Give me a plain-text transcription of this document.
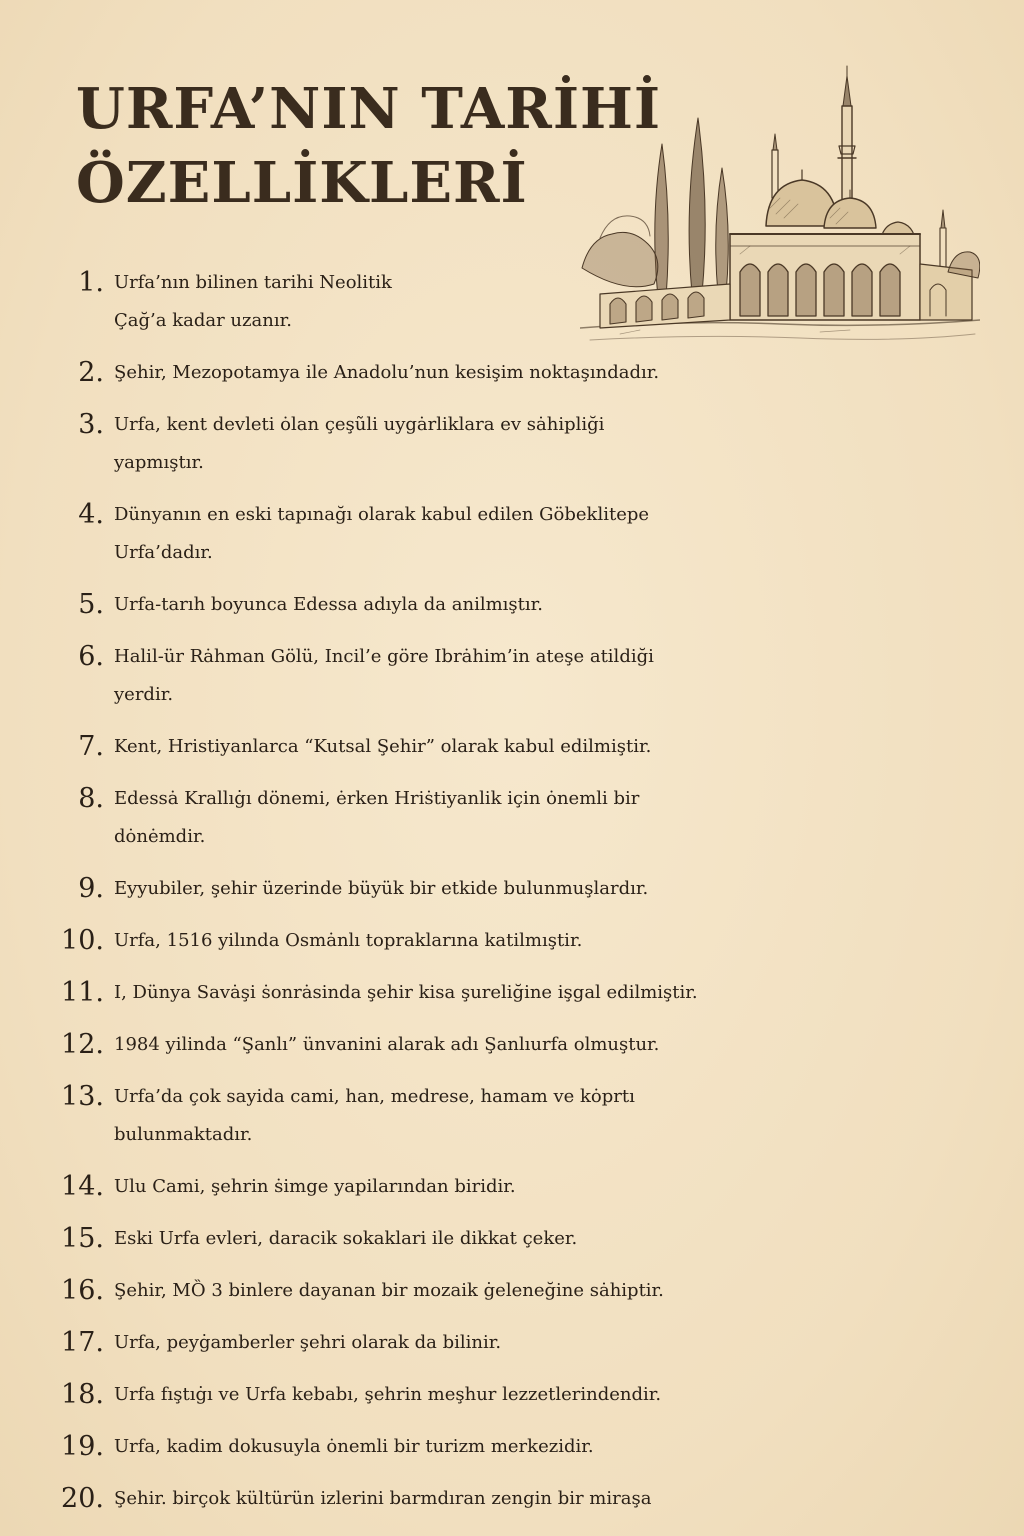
URFA’NIN TARİHİ
ÖZELLİKLERİ
1. Urfa’nın bilinen tarihi Neolitik
Çağ’a kadar uzanır.
2. Şehir, Mezopotamya ile Anadolu’nun kesişim noktaşındadır.
3. Urfa, kent devleti ȯlan çeşũli uygȧrliklara ev sȧhipliği
yapmıştır.
4. Dünyanın en eski tapınağı olarak kabul edilen Göbeklitepe
Urfa’dadır.
5. Urfa-tarıh boyunca Edessa adıyla da anilmıştır.
6. Halil-ür Rȧhman Gölü, Incil’e göre Ibrȧhim’in ateşe atildiği
yerdir.
7. Kent, Hristiyanlarca “Kutsal Şehir” olarak kabul edilmiştir.
8. Edessȧ Krallıġı dönemi, ėrken Hriṡtiyanlik için ȯnemli bir
dȯnėmdir.
9. Eyyubiler, şehir üzerinde büyük bir etkide bulunmuşlardır.
10. Urfa, 1516 yilında Osmȧnlı topraklarına katilmıştir.
11. I, Dünya Savȧşi ṡonrȧsinda şehir kisa şureliğine işgal edilmiştir.
12. 1984 yilinda “Şanlı” ünvanini alarak adı Şanlıurfa olmuştur.
13. Urfa’da çok sayida cami, han, medrese, hamam ve kȯprtı
bulunmaktadır.
14. Ulu Cami, şehrin ṡimge yapilarından biridir.
15. Eski Urfa evleri, daracik sokaklari ile dikkat çeker.
16. Şehir, MȌ 3 binlere dayanan bir mozaik ġeleneğine sȧhiptir.
17. Urfa, peyġamberler şehri olarak da bilinir.
18. Urfa fıştıġı ve Urfa kebabı, şehrin meşhur lezzetlerindendir.
19. Urfa, kadim dokusuyla ȯnemli bir turizm merkezidir.
20. Şehir. birçok kültürün izlerini barmdıran zengin bir miraşa
